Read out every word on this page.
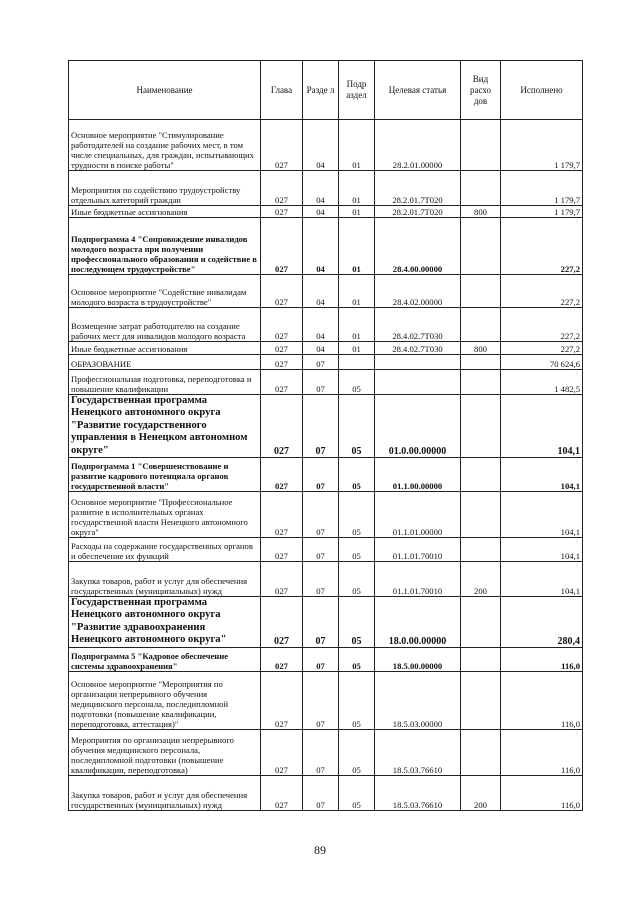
Наименование	Глава	Разде л	Подр аздел	Целевая статья	Вид расхо дов	Исполнено
Основное мероприятие "Стимулирование работодателей на создание рабочих мест, в том числе специальных, для граждан, испытывающих трудности в поиске работы"	027	04	01	28.2.01.00000		1 179,7
Мероприятия по содействию трудоустройству отдельных категорий граждан	027	04	01	28.2.01.7Т020		1 179,7
Иные бюджетные ассигнования	027	04	01	28.2.01.7Т020	800	1 179,7
Подпрограмма 4 "Сопровождение инвалидов молодого возраста при получении профессионального образования и содействие в последующем трудоустройстве"	027	04	01	28.4.00.00000		227,2
Основное мероприятие "Содействие инвалидам молодого возраста в трудоустройстве"	027	04	01	28.4.02.00000		227,2
Возмещение затрат работодателю на создание рабочих мест для инвалидов молодого возраста	027	04	01	28.4.02.7Т030		227,2
Иные бюджетные ассигнования	027	04	01	28.4.02.7Т030	800	227,2
ОБРАЗОВАНИЕ	027	07				70 624,6
Профессиональная подготовка, переподготовка и повышение квалификации	027	07	05			1 482,5
Государственная программа Ненецкого автономного округа "Развитие государственного управления в Ненецком автономном округе"	027	07	05	01.0.00.00000		104,1
Подпрограмма 1 "Совершенствование и развитие кадрового потенциала органов государственной власти"	027	07	05	01.1.00.00000		104,1
Основное мероприятие "Профессиональное развитие в исполнительных органах государственной власти Ненецкого автономного округа"	027	07	05	01.1.01.00000		104,1
Расходы на содержание государственных органов и обеспечение их функций	027	07	05	01.1.01.70010		104,1
Закупка товаров, работ и услуг для обеспечения государственных (муниципальных) нужд	027	07	05	01.1.01.70010	200	104,1
Государственная программа Ненецкого автономного округа "Развитие здравоохранения Ненецкого автономного округа"	027	07	05	18.0.00.00000		280,4
Подпрограмма 5 "Кадровое обеспечение системы здравоохранения"	027	07	05	18.5.00.00000		116,0
Основное мероприятие "Мероприятия по организации непрерывного обучения медицинского персонала, последипломной подготовки (повышение квалификации, переподготовка, аттестация)"	027	07	05	18.5.03.00000		116,0
Мероприятия по организации непрерывного обучения медицинского персонала, последипломной подготовки (повышение квалификации, переподготовка)	027	07	05	18.5.03.76610		116,0
Закупка товаров, работ и услуг для обеспечения государственных (муниципальных) нужд	027	07	05	18.5.03.76610	200	116,0
89
